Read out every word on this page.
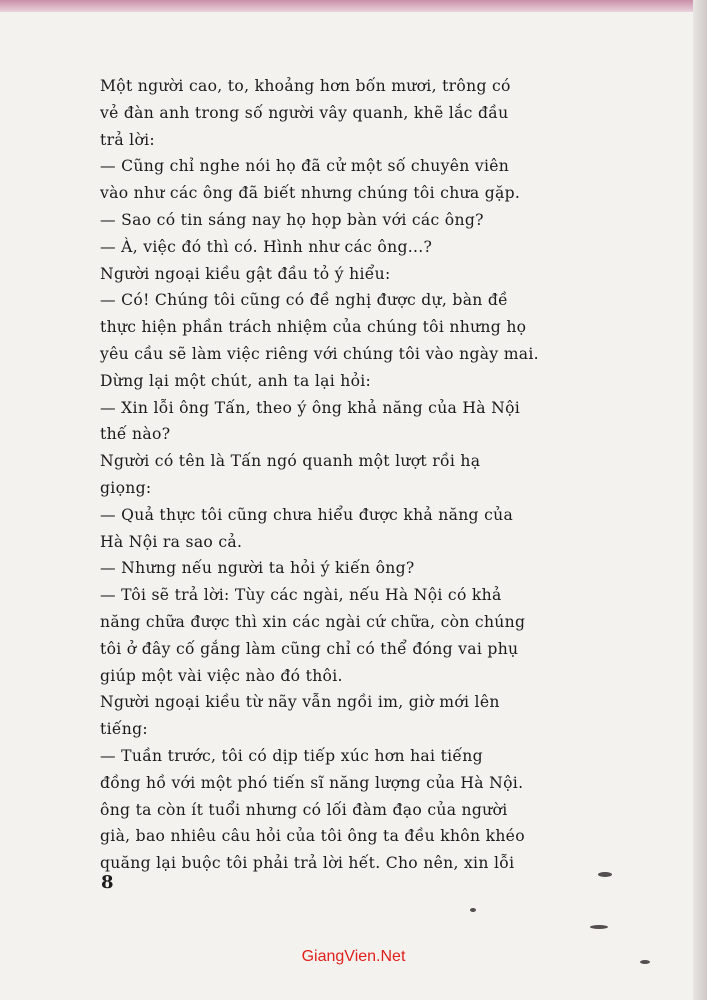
Một người cao, to, khoảng hơn bốn mươi, trông có

vẻ đàn anh trong số người vây quanh, khẽ lắc đầu

trả lời:

— Cũng chỉ nghe nói họ đã cử một số chuyên viên

vào như các ông đã biết nhưng chúng tôi chưa gặp.

— Sao có tin sáng nay họ họp bàn với các ông?

— À, việc đó thì có. Hình như các ông...?

Người ngoại kiều gật đầu tỏ ý hiểu:

— Có! Chúng tôi cũng có đề nghị được dự, bàn đề

thực hiện phần trách nhiệm của chúng tôi nhưng họ

yêu cầu sẽ làm việc riêng với chúng tôi vào ngày mai.

Dừng lại một chút, anh ta lại hỏi:

— Xin lỗi ông Tấn, theo ý ông khả năng của Hà Nội

thế nào?

Người có tên là Tấn ngó quanh một lượt rồi hạ

giọng:

— Quả thực tôi cũng chưa hiểu được khả năng của

Hà Nội ra sao cả.

— Nhưng nếu người ta hỏi ý kiến ông?

— Tôi sẽ trả lời: Tùy các ngài, nếu Hà Nội có khả

năng chữa được thì xin các ngài cứ chữa, còn chúng

tôi ở đây cố gắng làm cũng chỉ có thể đóng vai phụ

giúp một vài việc nào đó thôi.

Người ngoại kiều từ nãy vẫn ngồi im, giờ mới lên

tiếng:

— Tuần trước, tôi có dịp tiếp xúc hơn hai tiếng

đồng hồ với một phó tiến sĩ năng lượng của Hà Nội.

ông ta còn ít tuổi nhưng có lối đàm đạo của người

già, bao nhiêu câu hỏi của tôi ông ta đều khôn khéo

quăng lại buộc tôi phải trả lời hết. Cho nên, xin lỗi

8
GiangVien.Net
